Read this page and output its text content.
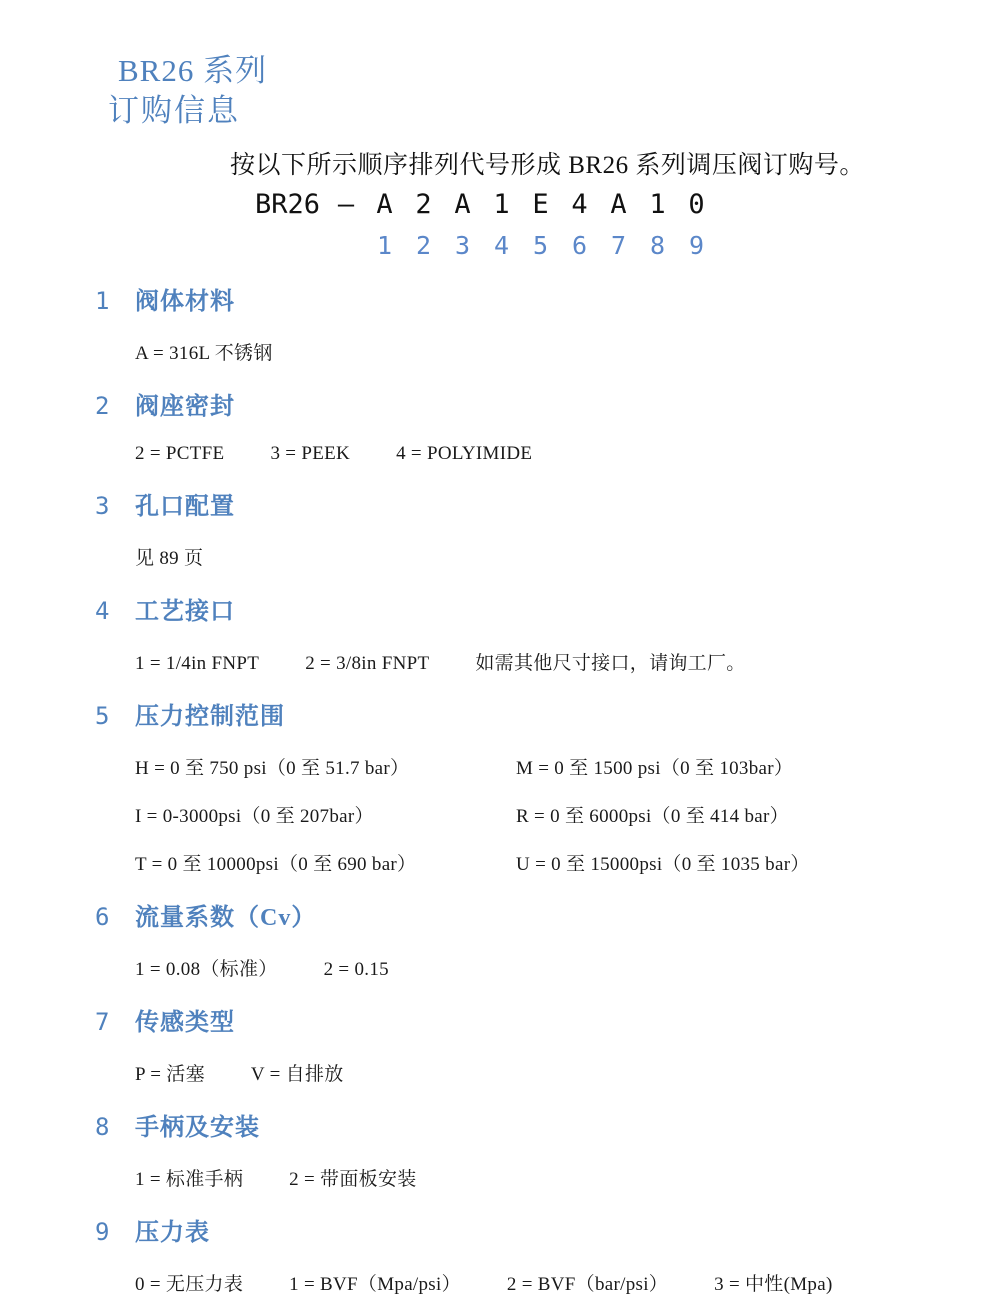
BR26 系列
订购信息
按以下所示顺序排列代号形成 BR26 系列调压阀订购号。
BR26 — A 2 A 1 E 4 A 1 0
1 2 3 4 5 6 7 8 9
1	阀体材料
A = 316L 不锈钢
2	阀座密封
2 = PCTFE 3 = PEEK 4 = POLYIMIDE
3	孔口配置
见 89 页
4	工艺接口
1 = 1/4in FNPT 2 = 3/8in FNPT 如需其他尺寸接口，请询工厂。
5	压力控制范围
H = 0 至 750 psi（0 至 51.7 bar）	M = 0 至 1500 psi（0 至 103bar）
I = 0-3000psi（0 至 207bar）	R = 0 至 6000psi（0 至 414 bar）
T = 0 至 10000psi（0 至 690 bar）	U = 0 至 15000psi（0 至 1035 bar）
6	流量系数（Cv）
1 = 0.08（标准） 2 = 0.15
7	传感类型
P = 活塞 V = 自排放
8	手柄及安装
1 = 标准手柄 2 = 带面板安装
9	压力表
0 = 无压力表 1 = BVF（Mpa/psi） 2 = BVF（bar/psi） 3 = 中性(Mpa)
